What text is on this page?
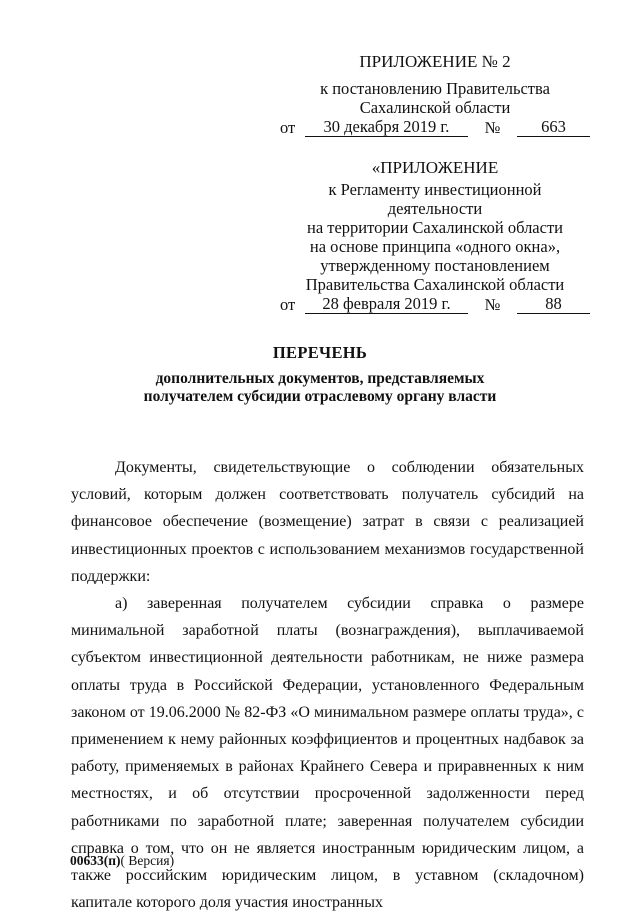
ПРИЛОЖЕНИЕ № 2
к постановлению Правительства
Сахалинской области
от	30 декабря 2019 г.	№	663
«ПРИЛОЖЕНИЕ
к Регламенту инвестиционной деятельности
на территории Сахалинской области
на основе принципа «одного окна»,
утвержденному постановлением
Правительства Сахалинской области
от	28 февраля 2019 г.	№	88
ПЕРЕЧЕНЬ
дополнительных документов, представляемых
получателем субсидии отраслевому органу власти

Документы, свидетельствующие о соблюдении обязательных условий, которым должен соответствовать получатель субсидий на финансовое обеспечение (возмещение) затрат в связи с реализацией инвестиционных проектов с использованием механизмов государственной поддержки:

а) заверенная получателем субсидии справка о размере минимальной заработной платы (вознаграждения), выплачиваемой субъектом инвестиционной деятельности работникам, не ниже размера оплаты труда в Российской Федерации, установленного Федеральным законом от 19.06.2000 № 82-ФЗ «О минимальном размере оплаты труда», с применением к нему районных коэффициентов и процентных надбавок за работу, применяемых в районах Крайнего Севера и приравненных к ним местностях, и об отсутствии просроченной задолженности перед работниками по заработной плате; заверенная получателем субсидии справка о том, что он не является иностранным юридическим лицом, а также российским юридическим лицом, в уставном (складочном) капитале которого доля участия иностранных

00633(п)( Версия)
